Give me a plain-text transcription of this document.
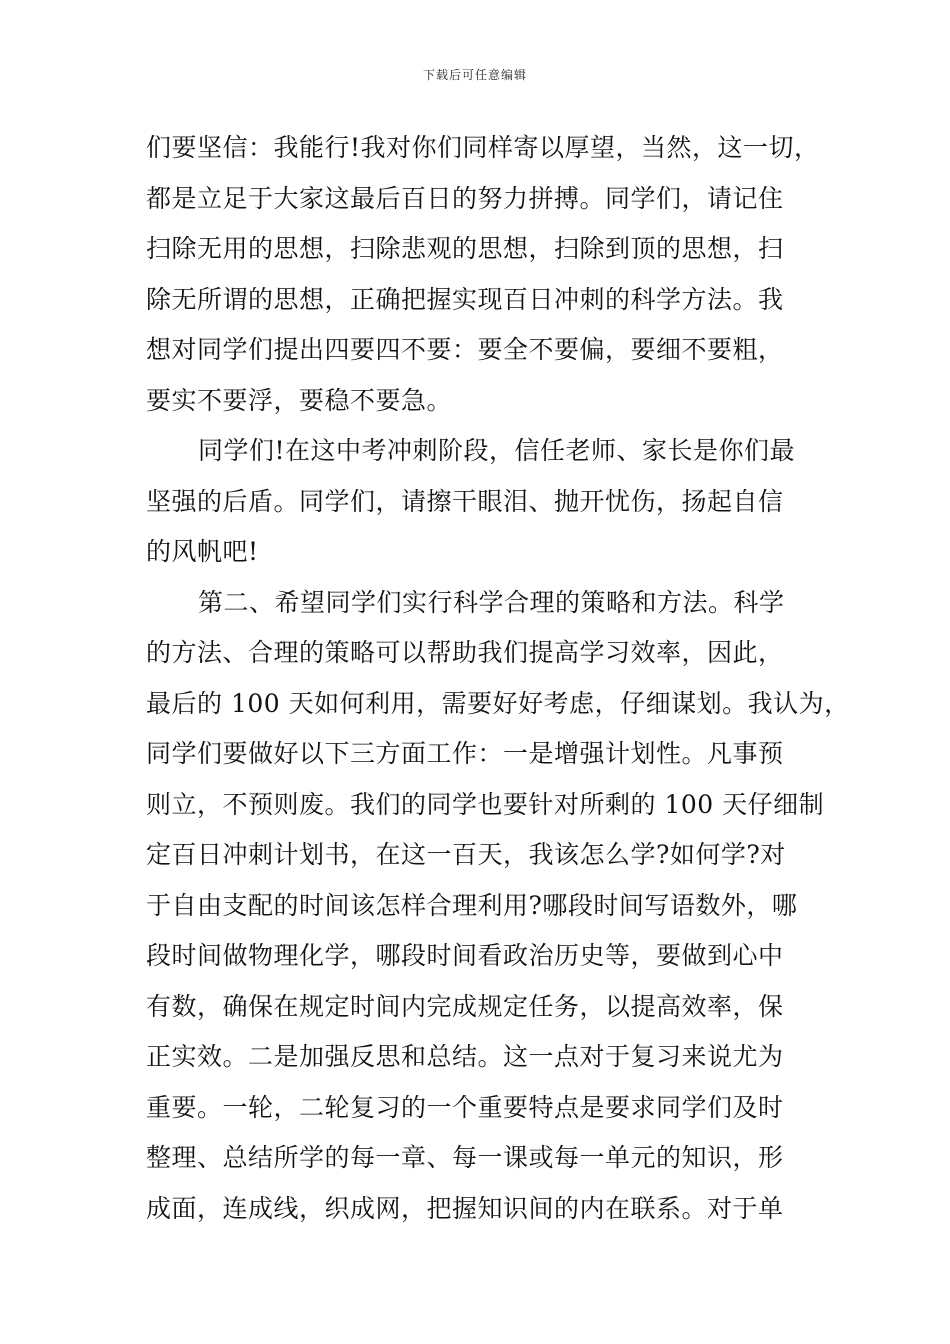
下载后可任意编辑
们要坚信：我能行!我对你们同样寄以厚望，当然，这一切，
都是立足于大家这最后百日的努力拼搏。同学们，请记住
扫除无用的思想，扫除悲观的思想，扫除到顶的思想，扫
除无所谓的思想，正确把握实现百日冲刺的科学方法。我
想对同学们提出四要四不要：要全不要偏，要细不要粗，
要实不要浮，要稳不要急。
同学们!在这中考冲刺阶段，信任老师、家长是你们最
坚强的后盾。同学们，请擦干眼泪、抛开忧伤，扬起自信
的风帆吧!
第二、希望同学们实行科学合理的策略和方法。科学
的方法、合理的策略可以帮助我们提高学习效率，因此，
最后的 100 天如何利用，需要好好考虑，仔细谋划。我认为，
同学们要做好以下三方面工作：一是增强计划性。凡事预
则立，不预则废。我们的同学也要针对所剩的 100 天仔细制
定百日冲刺计划书，在这一百天，我该怎么学?如何学?对
于自由支配的时间该怎样合理利用?哪段时间写语数外，哪
段时间做物理化学，哪段时间看政治历史等，要做到心中
有数，确保在规定时间内完成规定任务，以提高效率，保
正实效。二是加强反思和总结。这一点对于复习来说尤为
重要。一轮，二轮复习的一个重要特点是要求同学们及时
整理、总结所学的每一章、每一课或每一单元的知识，形
成面，连成线，织成网，把握知识间的内在联系。对于单
